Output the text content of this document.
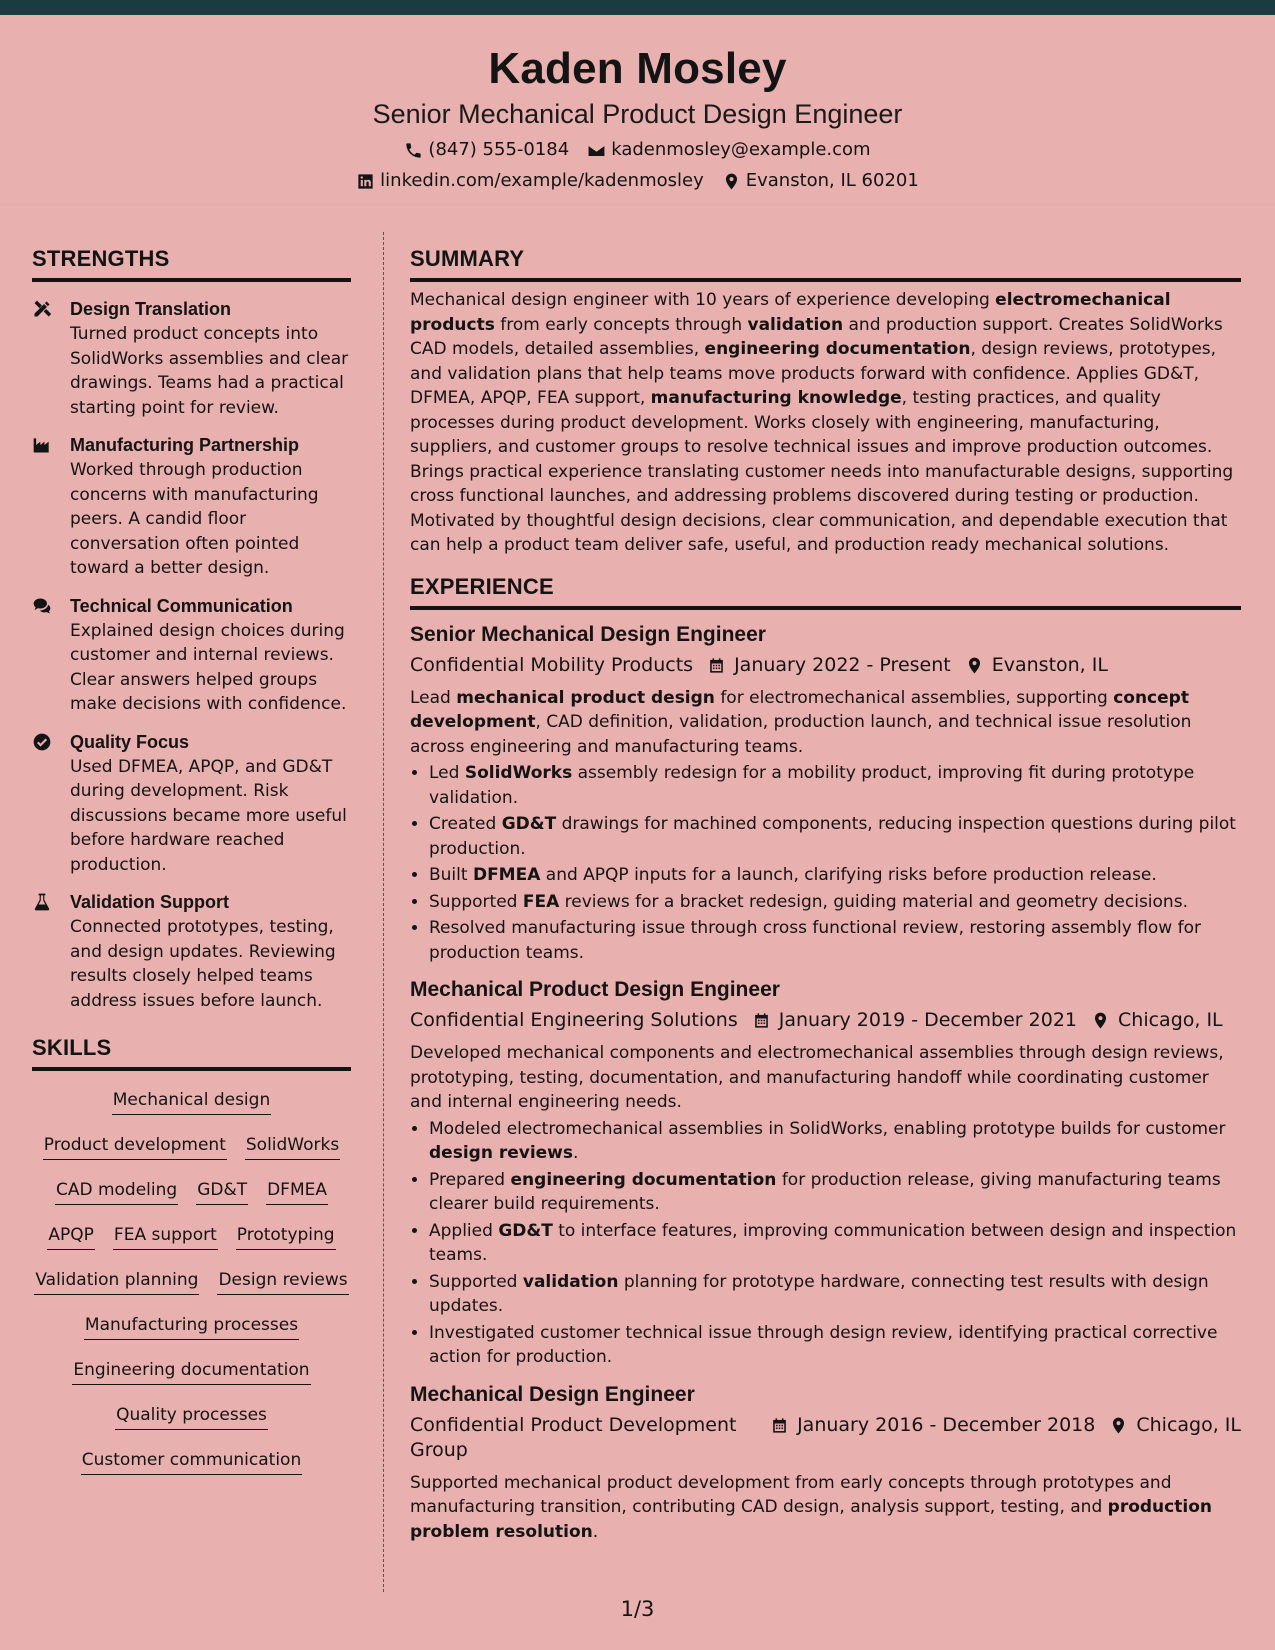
Kaden Mosley
Senior Mechanical Product Design Engineer
(847) 555-0184 kadenmosley@example.com
linkedin.com/example/kadenmosley Evanston, IL 60201
STRENGTHS
Design Translation
Turned product concepts into SolidWorks assemblies and clear drawings. Teams had a practical starting point for review.
Manufacturing Partnership
Worked through production concerns with manufacturing peers. A candid floor conversation often pointed toward a better design.
Technical Communication
Explained design choices during customer and internal reviews. Clear answers helped groups make decisions with confidence.
Quality Focus
Used DFMEA, APQP, and GD&T during development. Risk discussions became more useful before hardware reached production.
Validation Support
Connected prototypes, testing, and design updates. Reviewing results closely helped teams address issues before launch.
SKILLS
Mechanical design
Product development SolidWorks
CAD modeling GD&T DFMEA
APQP FEA support Prototyping
Validation planning Design reviews
Manufacturing processes
Engineering documentation
Quality processes
Customer communication
SUMMARY
Mechanical design engineer with 10 years of experience developing electromechanical products from early concepts through validation and production support. Creates SolidWorks CAD models, detailed assemblies, engineering documentation, design reviews, prototypes, and validation plans that help teams move products forward with confidence. Applies GD&T, DFMEA, APQP, FEA support, manufacturing knowledge, testing practices, and quality processes during product development. Works closely with engineering, manufacturing, suppliers, and customer groups to resolve technical issues and improve production outcomes. Brings practical experience translating customer needs into manufacturable designs, supporting cross functional launches, and addressing problems discovered during testing or production. Motivated by thoughtful design decisions, clear communication, and dependable execution that can help a product team deliver safe, useful, and production ready mechanical solutions.
EXPERIENCE
Senior Mechanical Design Engineer
Confidential Mobility Products January 2022 - Present Evanston, IL
Lead mechanical product design for electromechanical assemblies, supporting concept development, CAD definition, validation, production launch, and technical issue resolution across engineering and manufacturing teams.
• Led SolidWorks assembly redesign for a mobility product, improving fit during prototype validation.
• Created GD&T drawings for machined components, reducing inspection questions during pilot production.
• Built DFMEA and APQP inputs for a launch, clarifying risks before production release.
• Supported FEA reviews for a bracket redesign, guiding material and geometry decisions.
• Resolved manufacturing issue through cross functional review, restoring assembly flow for production teams.
Mechanical Product Design Engineer
Confidential Engineering Solutions January 2019 - December 2021 Chicago, IL
Developed mechanical components and electromechanical assemblies through design reviews, prototyping, testing, documentation, and manufacturing handoff while coordinating customer and internal engineering needs.
• Modeled electromechanical assemblies in SolidWorks, enabling prototype builds for customer design reviews.
• Prepared engineering documentation for production release, giving manufacturing teams clearer build requirements.
• Applied GD&T to interface features, improving communication between design and inspection teams.
• Supported validation planning for prototype hardware, connecting test results with design updates.
• Investigated customer technical issue through design review, identifying practical corrective action for production.
Mechanical Design Engineer
Confidential Product Development Group
January 2016 - December 2018 Chicago, IL
Supported mechanical product development from early concepts through prototypes and manufacturing transition, contributing CAD design, analysis support, testing, and production problem resolution.
1/3
